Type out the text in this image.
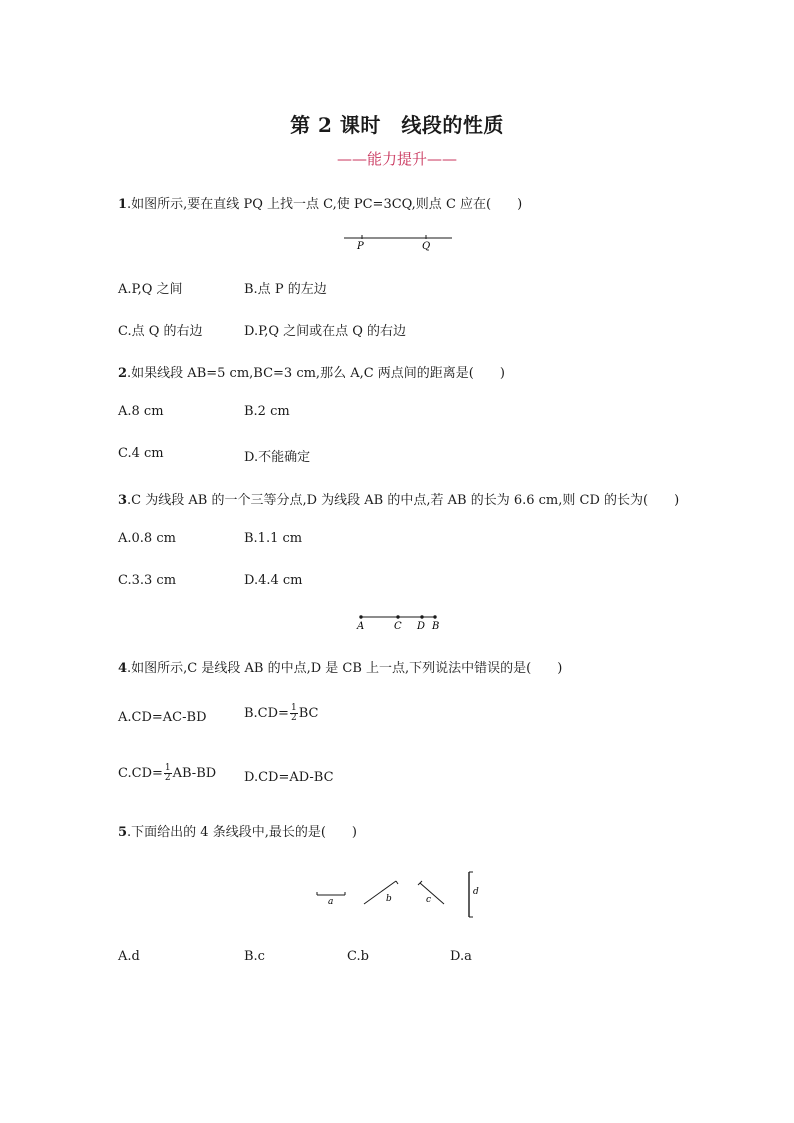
第 2 课时　线段的性质
——能力提升——
1.如图所示,要在直线 PQ 上找一点 C,使 PC=3CQ,则点 C 应在(　　)
P	Q
A.P,Q 之间	B.点 P 的左边
C.点 Q 的右边	D.P,Q 之间或在点 Q 的右边
2.如果线段 AB=5 cm,BC=3 cm,那么 A,C 两点间的距离是(　　)
A.8 cm	B.2 cm
C.4 cm	D.不能确定
3.C 为线段 AB 的一个三等分点,D 为线段 AB 的中点,若 AB 的长为 6.6 cm,则 CD 的长为(　　)
A.0.8 cm	B.1.1 cm
C.3.3 cm	D.4.4 cm
A	C D B
4.如图所示,C 是线段 AB 的中点,D 是 CB 上一点,下列说法中错误的是(　　)
A.CD=AC-BD	$B.CD= \frac{1}{2}$ BC
$C.CD= \frac{1}{2} AB-BD$ D.CD=AD-BC
5.下面给出的 4 条线段中,最长的是(　　)
a	b	c
d
A.d	B.c	C.b	D.a
